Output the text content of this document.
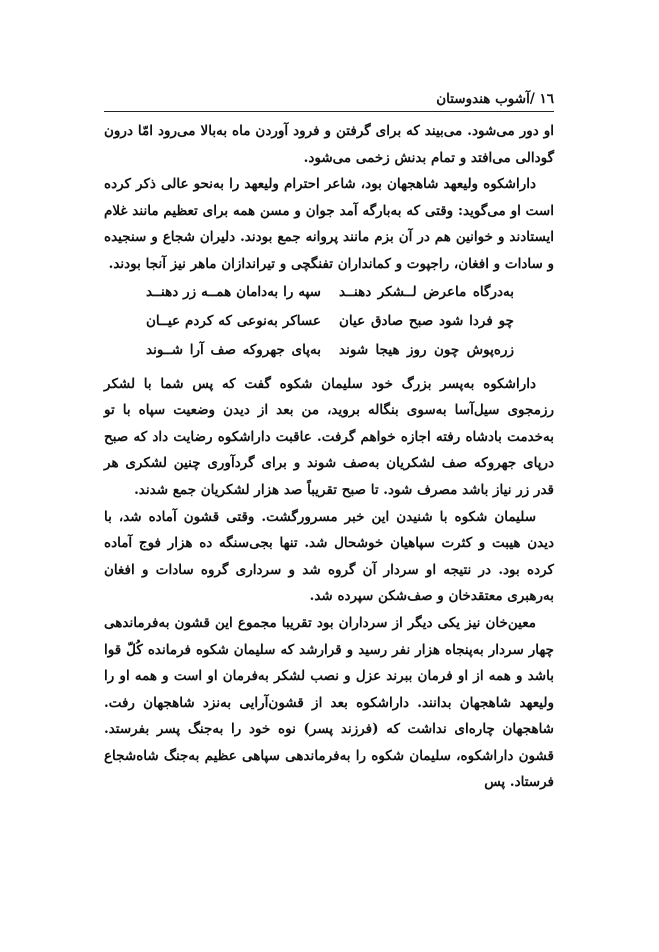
١٦ /آشوب هندوستان

او دور می‌شود. می‌بیند که برای گرفتن و فرود آوردن ماه به‌بالا می‌رود امّا درون گودالی می‌افتد و تمام بدنش زخمی می‌شود.

داراشکوه ولیعهد شاهجهان بود، شاعر احترام ولیعهد را به‌نحو عالی ذکر کرده است او می‌گوید: وقتی که به‌بارگه آمد جوان و مسن همه برای تعظیم مانند غلام ایستادند و خوانین هم در آن بزم مانند پروانه جمع بودند. دلیران شجاع و سنجیده و سادات و افغان، راجپوت و کمانداران تفنگچی و تیراندازان ماهر نیز آنجا بودند.

به‌درگاه ماعرض لــشکر دهنــد
سپه را به‌دامان همــه زر دهنــد
چو فردا شود صبح صادق عیان
عساکر به‌نوعی که کردم عیــان
زره‌پوش چون روز هیجا شوند
به‌پای جهروکه صف آرا شــوند

داراشکوه به‌پسر بزرگ خود سلیمان شکوه گفت که پس شما با لشکر رزمجوی سیل‌آسا به‌سوی بنگاله بروید، من بعد از دیدن وضعیت سپاه با تو به‌خدمت بادشاه رفته اجازه خواهم گرفت. عاقبت داراشکوه رضایت داد که صبح درپای جهروکه صف لشکریان به‌صف شوند و برای گردآوری چنین لشکری هر قدر زر نیاز باشد مصرف شود. تا صبح تقریباً صد هزار لشکریان جمع شدند.

سلیمان شکوه با شنیدن این خبر مسرورگشت. وقتی قشون آماده شد، با دیدن هیبت و کثرت سپاهیان خوشحال شد. تنها بجی‌سنگه ده هزار فوج آماده کرده بود. در نتیجه او سردار آن گروه شد و سرداری گروه سادات و افغان به‌رهبری معتقدخان و صف‌شکن سپرده شد.

معین‌خان نیز یکی دیگر از سرداران بود تقریبا مجموع این قشون به‌فرماندهی چهار سردار به‌پنجاه هزار نفر رسید و قرارشد که سلیمان شکوه فرمانده کُلّ قوا باشد و همه از او فرمان ببرند عزل و نصب لشکر به‌فرمان او است و همه او را ولیعهد شاهجهان بدانند. داراشکوه بعد از قشون‌آرایی به‌نزد شاهجهان رفت. شاهجهان چاره‌ای نداشت که (فرزند پسر) نوه خود را به‌جنگ پسر بفرستد. قشون داراشکوه، سلیمان شکوه را به‌فرماندهی سپاهی عظیم به‌جنگ شاه‌شجاع فرستاد. پس
